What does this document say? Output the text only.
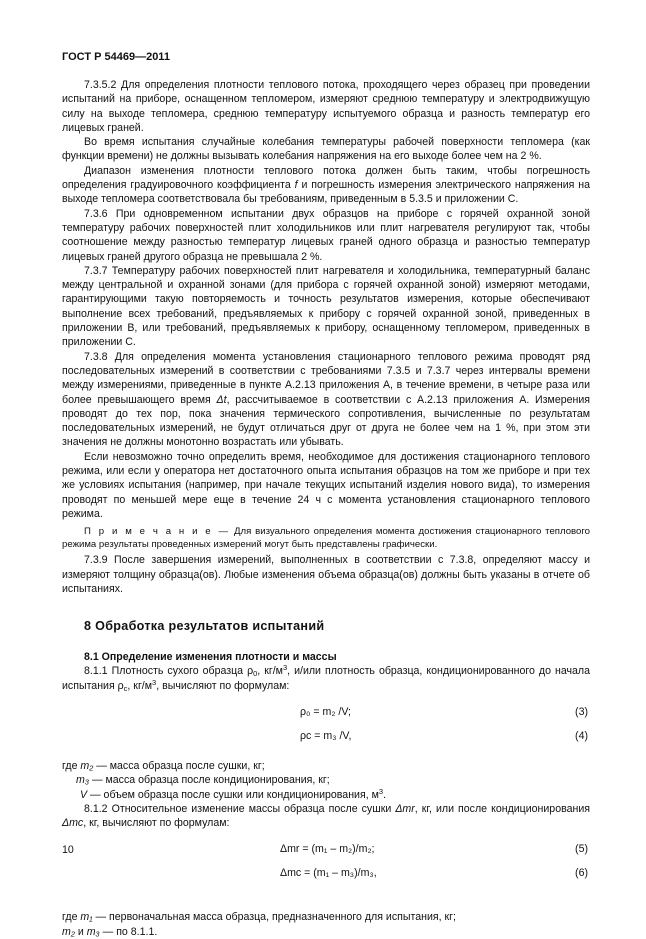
ГОСТ Р 54469—2011

7.3.5.2 Для определения плотности теплового потока, проходящего через образец при проведении испытаний на приборе, оснащенном тепломером, измеряют среднюю температуру и электродвижущую силу на выходе тепломера, среднюю температуру испытуемого образца и разность температур его лицевых граней.

Во время испытания случайные колебания температуры рабочей поверхности тепломера (как функции времени) не должны вызывать колебания напряжения на его выходе более чем на 2 %.

Диапазон изменения плотности теплового потока должен быть таким, чтобы погрешность определения градуировочного коэффициента f и погрешность измерения электрического напряжения на выходе тепломера соответствовала бы требованиям, приведенным в 5.3.5 и приложении С.

7.3.6 При одновременном испытании двух образцов на приборе с горячей охранной зоной температуру рабочих поверхностей плит холодильников или плит нагревателя регулируют так, чтобы соотношение между разностью температур лицевых граней одного образца и разностью температур лицевых граней другого образца не превышала 2 %.

7.3.7 Температуру рабочих поверхностей плит нагревателя и холодильника, температурный баланс между центральной и охранной зонами (для прибора с горячей охранной зоной) измеряют методами, гарантирующими такую повторяемость и точность результатов измерения, которые обеспечивают выполнение всех требований, предъявляемых к прибору с горячей охранной зоной, приведенных в приложении В, или требований, предъявляемых к прибору, оснащенному тепломером, приведенных в приложении С.

7.3.8 Для определения момента установления стационарного теплового режима проводят ряд последовательных измерений в соответствии с требованиями 7.3.5 и 7.3.7 через интервалы времени между измерениями, приведенные в пункте А.2.13 приложения А, в течение времени, в четыре раза или более превышающего время Δt, рассчитываемое в соответствии с А.2.13 приложения А. Измерения проводят до тех пор, пока значения термического сопротивления, вычисленные по результатам последовательных измерений, не будут отличаться друг от друга не более чем на 1 %, при этом эти значения не должны монотонно возрастать или убывать.

Если невозможно точно определить время, необходимое для достижения стационарного теплового режима, или если у оператора нет достаточного опыта испытания образцов на том же приборе и при тех же условиях испытания (например, при начале текущих испытаний изделия нового вида), то измерения проводят по меньшей мере еще в течение 24 ч с момента установления стационарного теплового режима.

П р и м е ч а н и е — Для визуального определения момента достижения стационарного теплового режима результаты проведенных измерений могут быть представлены графически.

7.3.9 После завершения измерений, выполненных в соответствии с 7.3.8, определяют массу и измеряют толщину образца(ов). Любые изменения объема образца(ов) должны быть указаны в отчете об испытаниях.

8 Обработка результатов испытаний
8.1 Определение изменения плотности и массы

8.1.1 Плотность сухого образца $\rho_0$, $кг/м^3$, и/или плотность образца, кондиционированного до начала испытания $\rho_c$, $кг/м^3$, вычисляют по формулам:

ρ₀ = m₂ /V;	(3)
ρc = m₃ /V,	(4)

где m₂ — масса образца после сушки, кг;

m₃ — масса образца после кондиционирования, кг;

V — объем образца после сушки или кондиционирования, $м^3$.

8.1.2 Относительное изменение массы образца после сушки Δmr, кг, или после кондиционирования Δmc, кг, вычисляют по формулам:

Δmr = (m₁ – m₂)/m₂;	(5)
Δmc = (m₁ – m₃)/m₃,	(6)

где m₁ — первоначальная масса образца, предназначенного для испытания, кг;

m₂ и m₃ — по 8.1.1.

10
